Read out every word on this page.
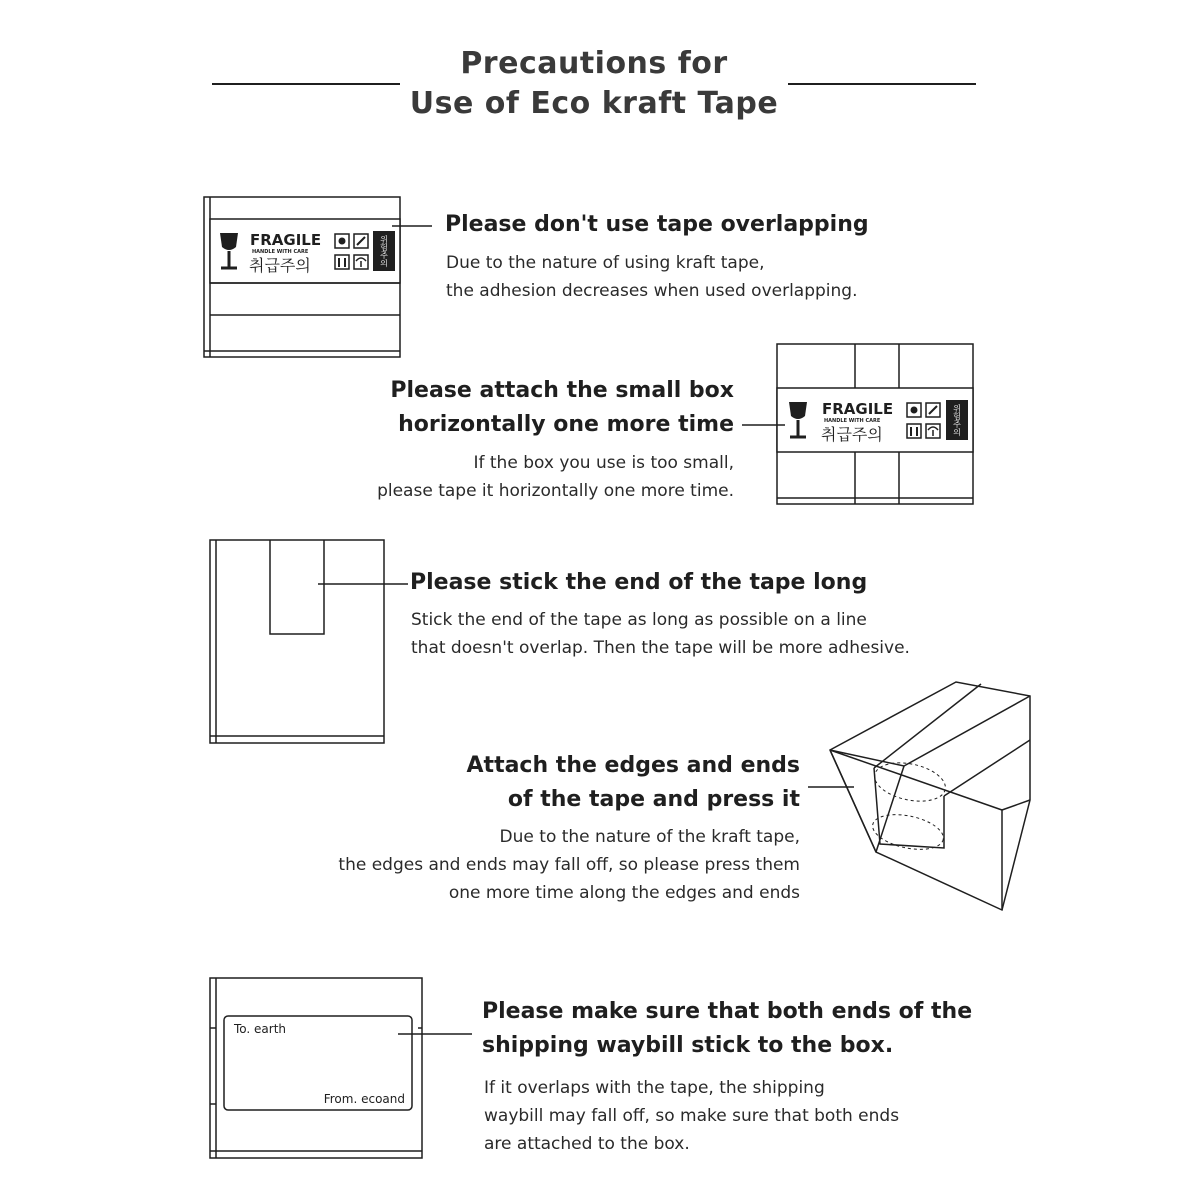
Precautions for
Use of Eco kraft Tape
FRAGILE
HANDLE WITH CARE
취급주의	위험주의
Please don't use tape overlapping
Due to the nature of using kraft tape,
the adhesion decreases when used overlapping.
FRAGILE
HANDLE WITH CARE
취급주의	위험주의
Please attach the small box
horizontally one more time
If the box you use is too small,
please tape it horizontally one more time.
Please stick the end of the tape long
Stick the end of the tape as long as possible on a line
that doesn't overlap. Then the tape will be more adhesive.
Attach the edges and ends
of the tape and press it
Due to the nature of the kraft tape,
the edges and ends may fall off, so please press them
one more time along the edges and ends
To. earth
From. ecoand
Please make sure that both ends of the
shipping waybill stick to the box.
If it overlaps with the tape, the shipping
waybill may fall off, so make sure that both ends
are attached to the box.
